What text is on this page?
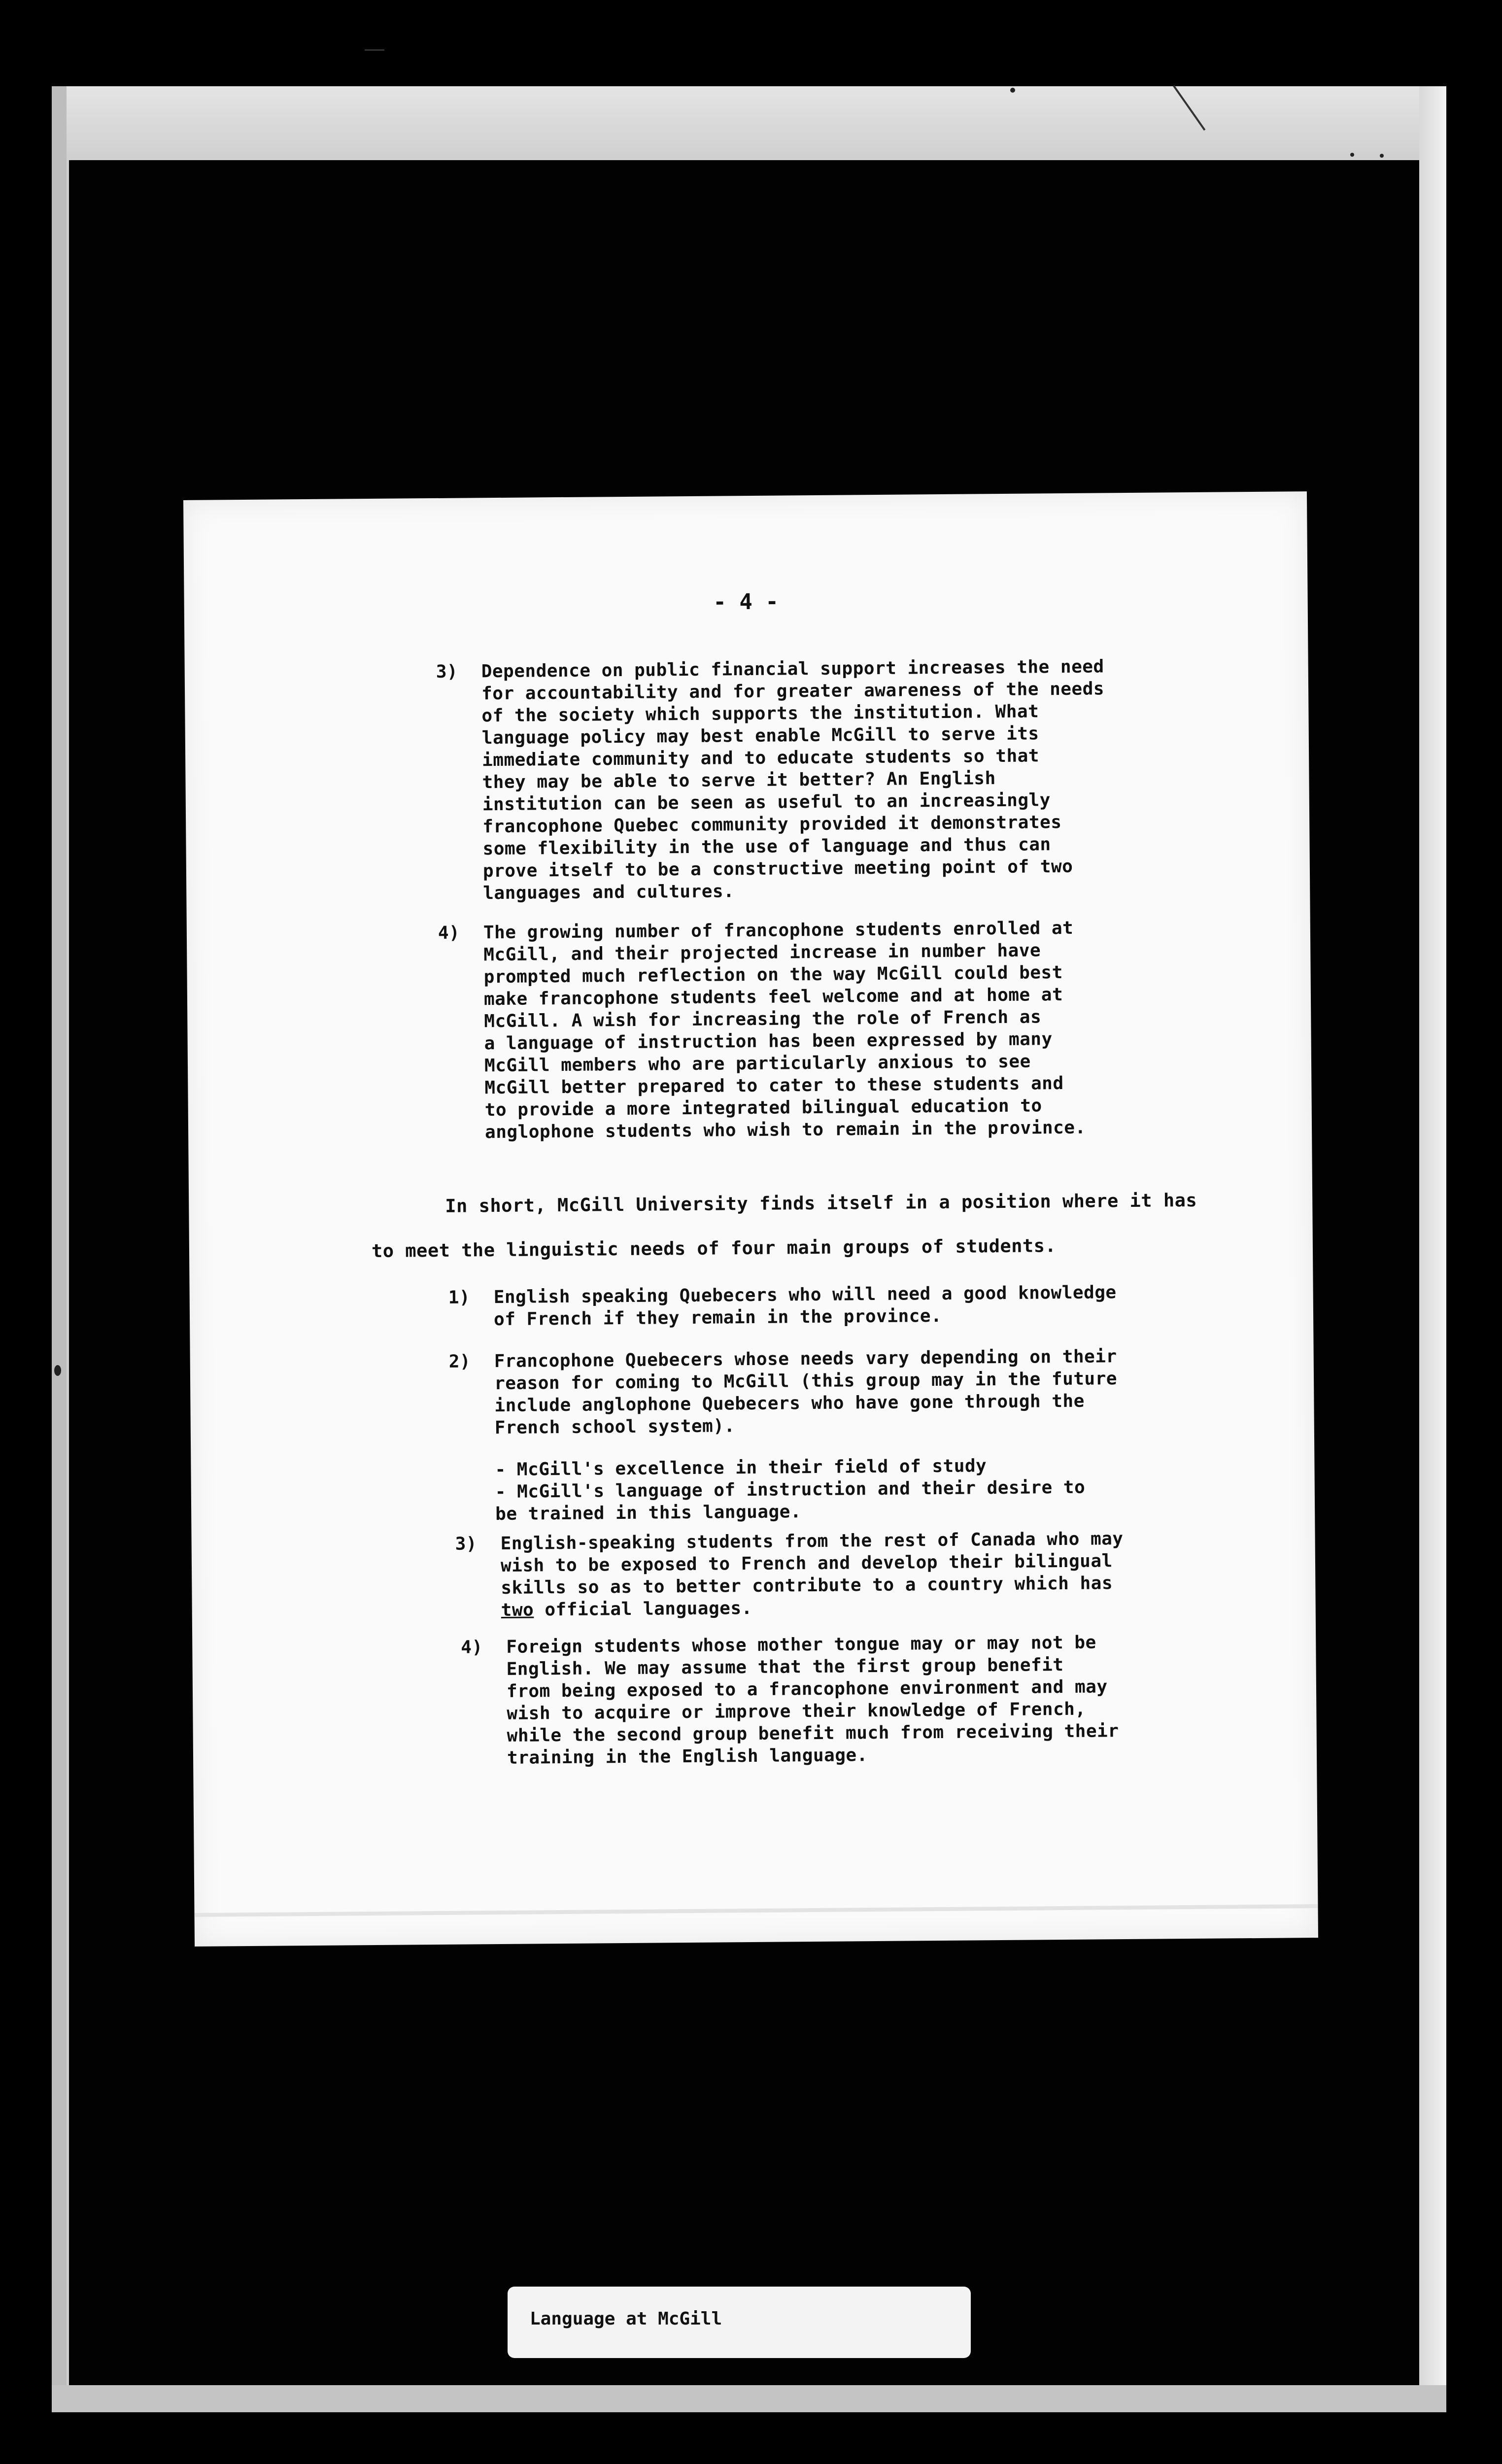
- 4 -
3) Dependence on public financial support increases the need
for accountability and for greater awareness of the needs
of the society which supports the institution. What
language policy may best enable McGill to serve its
immediate community and to educate students so that
they may be able to serve it better? An English
institution can be seen as useful to an increasingly
francophone Quebec community provided it demonstrates
some flexibility in the use of language and thus can
prove itself to be a constructive meeting point of two
languages and cultures.
4) The growing number of francophone students enrolled at
McGill, and their projected increase in number have
prompted much reflection on the way McGill could best
make francophone students feel welcome and at home at
McGill. A wish for increasing the role of French as
a language of instruction has been expressed by many
McGill members who are particularly anxious to see
McGill better prepared to cater to these students and
to provide a more integrated bilingual education to
anglophone students who wish to remain in the province.
In short, McGill University finds itself in a position where it has
to meet the linguistic needs of four main groups of students.
1) English speaking Quebecers who will need a good knowledge
of French if they remain in the province.
2) Francophone Quebecers whose needs vary depending on their
reason for coming to McGill (this group may in the future
include anglophone Quebecers who have gone through the
French school system).
- McGill's excellence in their field of study
- McGill's language of instruction and their desire to
be trained in this language.
3) English-speaking students from the rest of Canada who may
wish to be exposed to French and develop their bilingual
skills so as to better contribute to a country which has
two official languages.
4) Foreign students whose mother tongue may or may not be
English. We may assume that the first group benefit
from being exposed to a francophone environment and may
wish to acquire or improve their knowledge of French,
while the second group benefit much from receiving their
training in the English language.
Language at McGill
